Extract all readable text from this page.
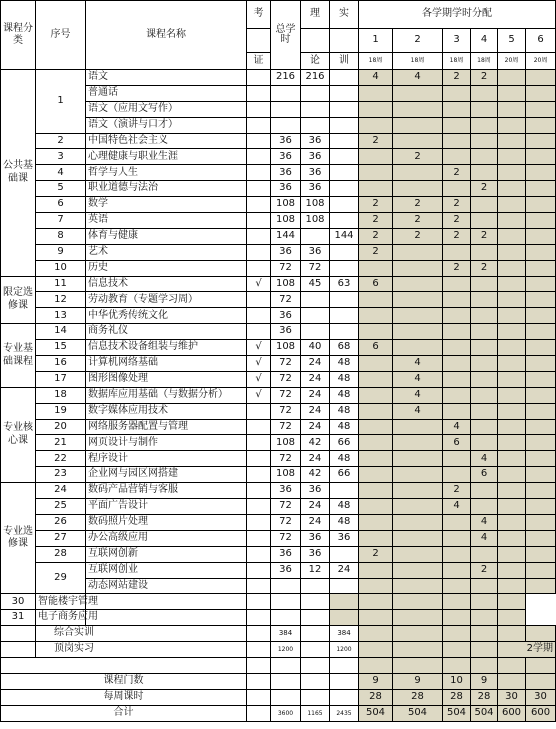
课程分类	序号	课程名称	考	总学时	理	实	各学期学时分配					
							1	2	3	4	5	6
			证		论	训	18周	18周	18周	18周	20周	20周
公共基础课	1	语文		216	216		4	4	2	2		
		普通话										
		语文（应用文写作）										
		语文（演讲与口才）										
	2	中国特色社会主义		36	36		2					
	3	心理健康与职业生涯		36	36			2				
	4	哲学与人生		36	36				2			
	5	职业道德与法治		36	36					2		
	6	数学		108	108		2	2	2			
	7	英语		108	108		2	2	2			
	8	体育与健康		144		144	2	2	2	2		
	9	艺术		36	36		2					
	10	历史		72	72				2	2		
限定选修课	11	信息技术	√	108	45	63	6					
	12	劳动教育（专题学习周）		72								
	13	中华优秀传统文化		36								
专业基础课程	14	商务礼仪		36								
	15	信息技术设备组装与维护	√	108	40	68	6					
	16	计算机网络基础	√	72	24	48		4				
	17	图形图像处理	√	72	24	48		4				
专业核心课	18	数据库应用基础（与数据分析）	√	72	24	48		4				
	19	数字媒体应用技术		72	24	48		4				
	20	网络服务器配置与管理		72	24	48			4			
	21	网页设计与制作		108	42	66			6			
	22	程序设计		72	24	48				4		
	23	企业网与园区网搭建		108	42	66				6		
专业选修课	24	数码产品营销与客服		36	36				2			
	25	平面广告设计		72	24	48			4			
	26	数码照片处理		72	24	48				4		
	27	办公高级应用		72	36	36				4		
	28	互联网创新		36	36		2					
	29	互联网创业		36	12	24				2		
		动态网站建设										
30	智能楼宇管理											
31	电子商务应用											
	综合实训			384		384						
	顶岗实习			1200		1200					2学期	

课程门数							9	9	10	9		
每周课时							28	28	28	28	30	30
合计				3600	1165	2435	504	504	504	504	600	600
